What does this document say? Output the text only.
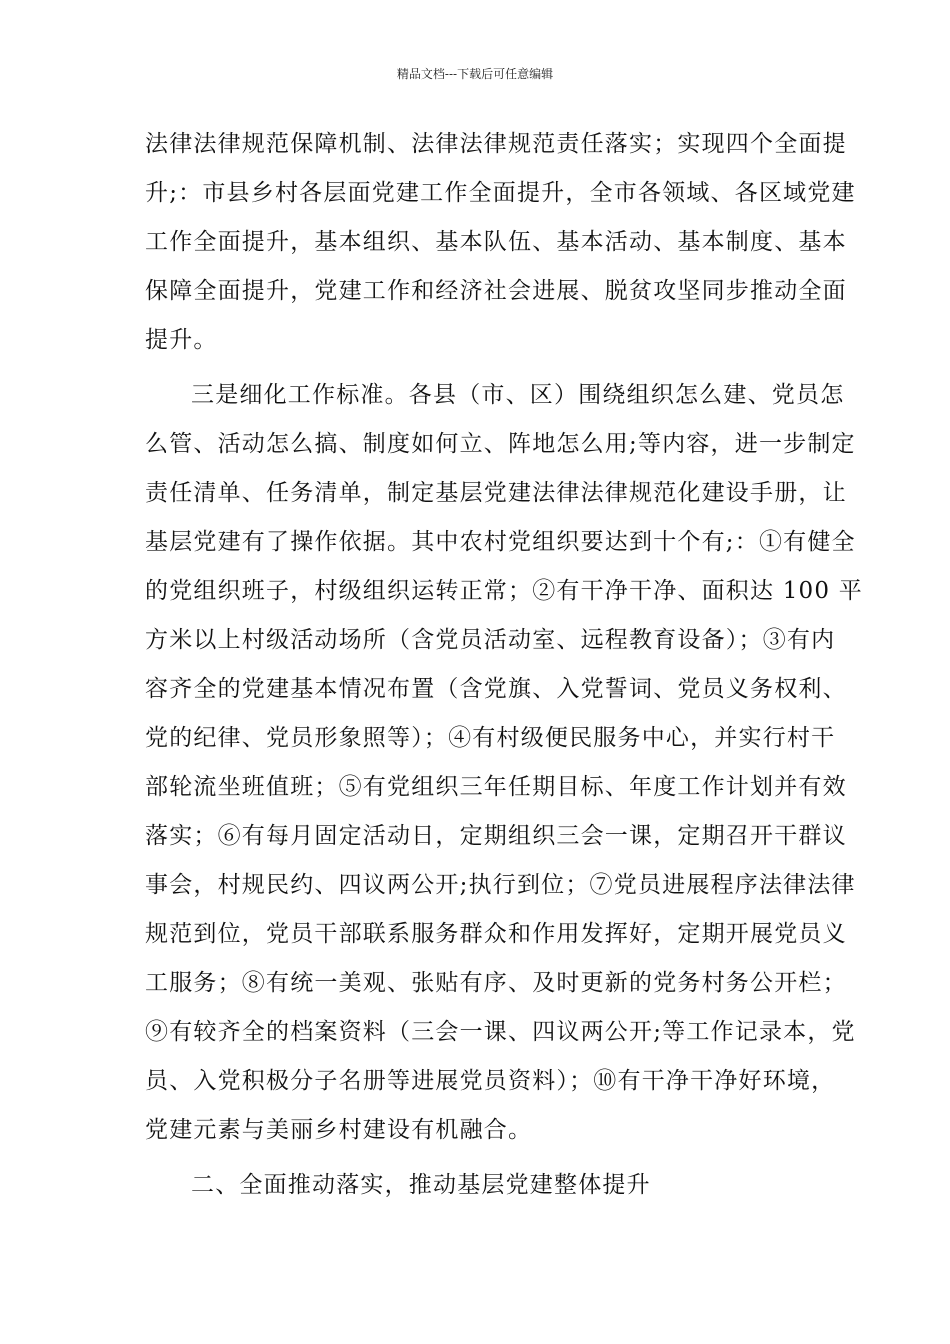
精品文档---下载后可任意编辑
法律法律规范保障机制、法律法律规范责任落实；实现四个全面提
升;：市县乡村各层面党建工作全面提升，全市各领域、各区域党建
工作全面提升，基本组织、基本队伍、基本活动、基本制度、基本
保障全面提升，党建工作和经济社会进展、脱贫攻坚同步推动全面
提升。
三是细化工作标准。各县（市、区）围绕组织怎么建、党员怎
么管、活动怎么搞、制度如何立、阵地怎么用;等内容，进一步制定
责任清单、任务清单，制定基层党建法律法律规范化建设手册，让
基层党建有了操作依据。其中农村党组织要达到十个有;：①有健全
的党组织班子，村级组织运转正常；②有干净干净、面积达 100 平
方米以上村级活动场所（含党员活动室、远程教育设备）；③有内
容齐全的党建基本情况布置（含党旗、入党誓词、党员义务权利、
党的纪律、党员形象照等）；④有村级便民服务中心，并实行村干
部轮流坐班值班；⑤有党组织三年任期目标、年度工作计划并有效
落实；⑥有每月固定活动日，定期组织三会一课，定期召开干群议
事会，村规民约、四议两公开;执行到位；⑦党员进展程序法律法律
规范到位，党员干部联系服务群众和作用发挥好，定期开展党员义
工服务；⑧有统一美观、张贴有序、及时更新的党务村务公开栏；
⑨有较齐全的档案资料（三会一课、四议两公开;等工作记录本，党
员、入党积极分子名册等进展党员资料）；⑩有干净干净好环境，
党建元素与美丽乡村建设有机融合。
二、全面推动落实，推动基层党建整体提升
